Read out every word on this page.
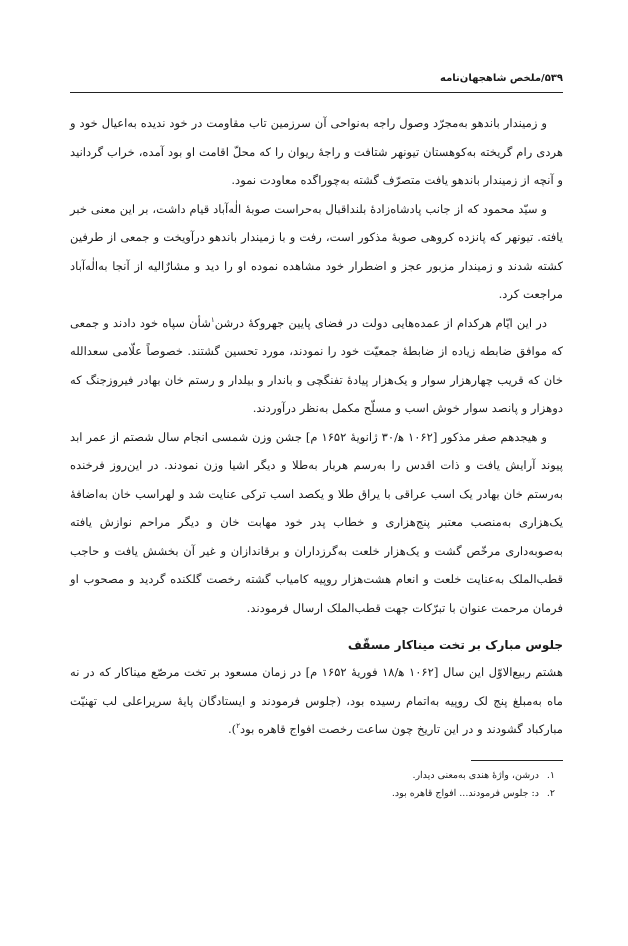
۵۳۹/ملخص شاهجهان‌نامه

و زمیندار باندهو به‌مجرّد وصول راجه به‌نواحی آن سرزمین تاب مقاومت در خود ندیده به‌اعیال خود و هردی رام گریخته به‌کوهستان تیونهر شتافت و راجهٔ ریوان را که محلّ اقامت او بود آمده، خراب گردانید و آنچه از زمیندار باندهو یافت متصرّف گشته به‌چوراگده معاودت نمود.

و سیّد محمود که از جانب پادشاه‌زادهٔ بلنداقبال به‌حراست صوبهٔ الٰه‌آباد قیام داشت، بر این معنی خبر یافته. تیونهر که پانزده کروهی صوبهٔ مذکور است، رفت و با زمیندار باندهو درآویخت و جمعی از طرفین کشته شدند و زمیندار مزبور عجز و اضطرار خود مشاهده نموده او را دید و مشارٌالیه از آنجا به‌الٰه‌آباد مراجعت کرد.

در این ایّام هرکدام از عمده‌هایی دولت در فضای پایین جهروکهٔ درشن$^۱$شأن سپاه خود دادند و جمعی که موافق ضابطه زیاده از ضابطهٔ جمعیّت خود را نمودند، مورد تحسین گشتند. خصوصاً علّامی سعدالله خان که قریب چهارهزار سوار و یک‌هزار پیادهٔ تفنگچی و باندار و بیلدار و رستم خان بهادر فیروزجنگ که دوهزار و پانصد سوار خوش اسب و مسلّح مکمل به‌نظر درآوردند.

و هیجدهم صفر مذکور [۱۰۶۲ ه‍/۳۰ ژانویهٔ ۱۶۵۲ م] جشن وزن شمسی انجام سال شصتم از عمر ابد پیوند آرایش یافت و ذات اقدس را به‌رسم هربار به‌طلا و دیگر اشیا وزن نمودند. در این‌روز فرخنده به‌رستم خان بهادر یک اسب عراقی با یراق طلا و یکصد اسب ترکی عنایت شد و لهراسب خان به‌اضافهٔ یک‌هزاری به‌منصب معتبر پنج‌هزاری و خطاب پدر خود مهابت خان و دیگر مراحم نوازش یافته به‌صوبه‌داری مرخّص گشت و یک‌هزار خلعت به‌گرزداران و برقاندازان و غیر آن بخشش یافت و حاجب قطب‌الملک به‌عنایت خلعت و انعام هشت‌هزار روپیه کامیاب گشته رخصت گلکنده گردید و مصحوب او فرمان مرحمت عنوان با تبرّکات جهت قطب‌الملک ارسال فرمودند.

جلوس مبارک بر تخت میناکار مسقّف

هشتم ربیع‌الاوّل این سال [۱۰۶۲ ه‍/۱۸ فوریهٔ ۱۶۵۲ م] در زمان مسعود بر تخت مرصّع میناکار که در نه ماه به‌مبلغ پنج لک روپیه به‌اتمام رسیده بود، (جلوس فرمودند و ایستادگان پایهٔ سریراعلی لب تهنیّت مبارکباد گشودند و در این تاریخ چون ساعت رخصت افواج قاهره بود$^۲$).

۱.درشن، واژهٔ هندی به‌معنی دیدار.
۲.د: جلوس فرمودند... افواج قاهره بود.
